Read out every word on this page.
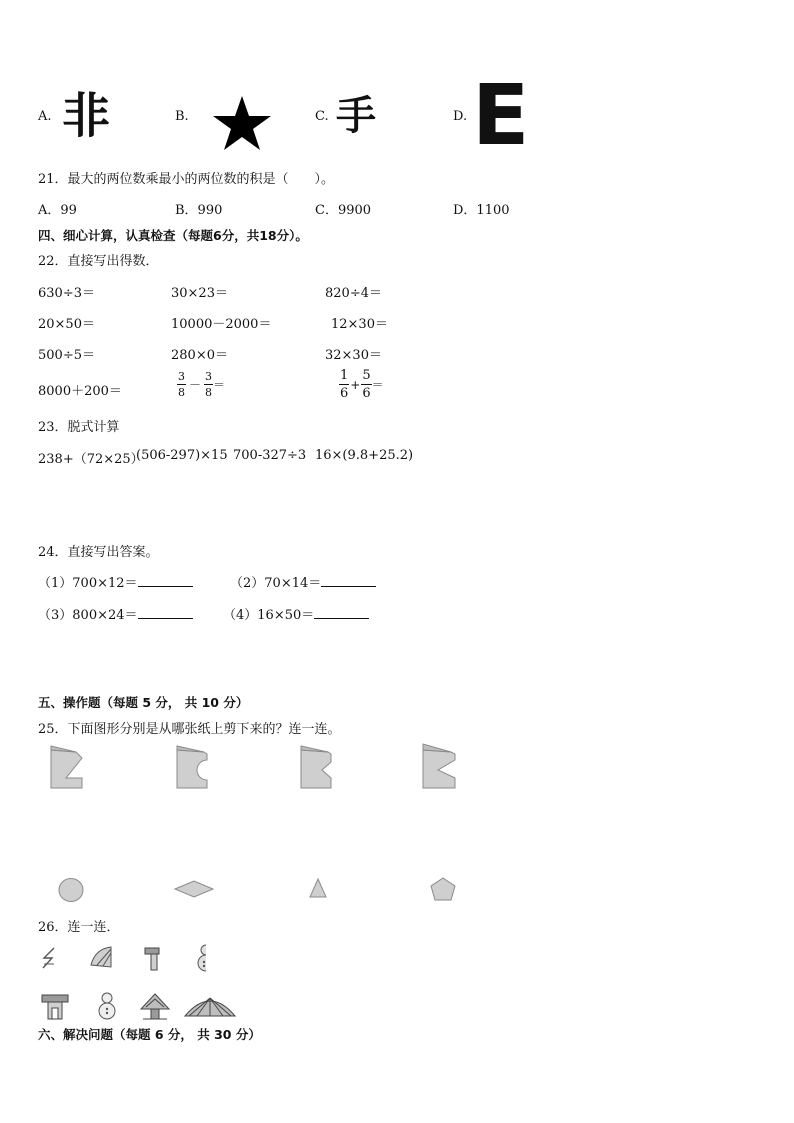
A. 非	B.	C. 手	D. E
21．最大的两位数乘最小的两位数的积是（　　）。
A．99	B．990	C．9900	D．1100
四、细心计算，认真检查（每题6分，共18分）。
22．直接写出得数．
630÷3＝	30×23＝	820÷4＝
20×50＝	10000－2000＝	12×30＝
500÷5＝	280×0＝	32×30＝
8000＋200＝	$\frac{3}{8} - \frac{3}{8}$ ＝	$\frac{1}{6} + \frac{5}{6}$ ＝
23．脱式计算
238+（72×25）
(506-297)×15 700-327÷3 16×(9.8+25.2)
24．直接写出答案。
（1）700×12＝	（2）70×14＝
（3）800×24＝	（4）16×50＝
五、操作题（每题 5 分， 共 10 分）
25．下面图形分别是从哪张纸上剪下来的？连一连。
26．连一连．
六、解决问题（每题 6 分， 共 30 分）
